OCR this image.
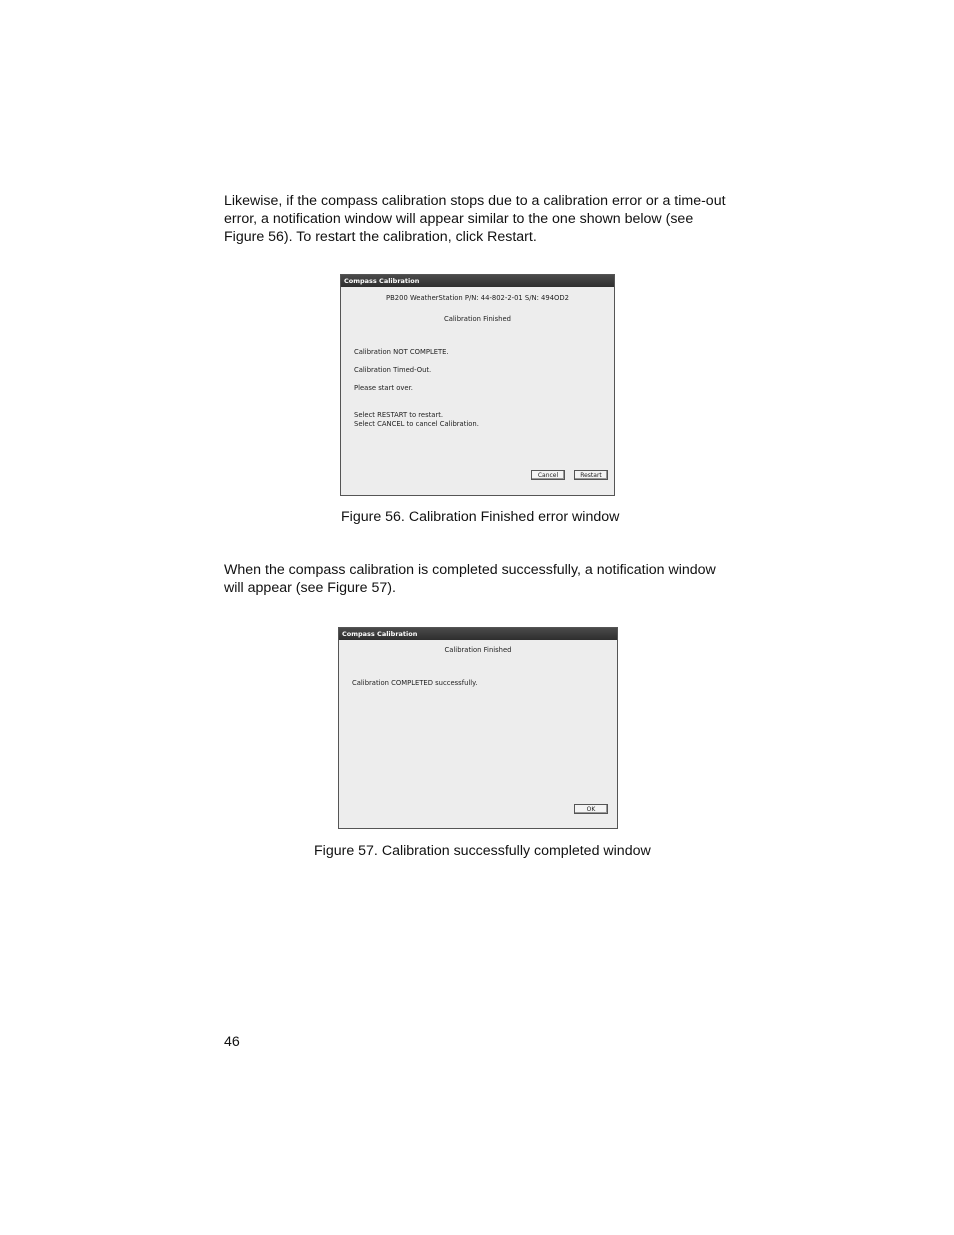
Likewise, if the compass calibration stops due to a calibration error or a time-out error, a notification window will appear similar to the one shown below (see Figure 56). To restart the calibration, click Restart.

Compass Calibration
PB200 WeatherStation P/N: 44-802-2-01 S/N: 494OD2
Calibration Finished
Calibration NOT COMPLETE.
Calibration Timed-Out.
Please start over.
Select RESTART to restart.
Select CANCEL to cancel Calibration.
Cancel	Restart
Figure 56. Calibration Finished error window

When the compass calibration is completed successfully, a notification window will appear (see Figure 57).

Compass Calibration
Calibration Finished
Calibration COMPLETED successfully.
OK
Figure 57. Calibration successfully completed window
46
